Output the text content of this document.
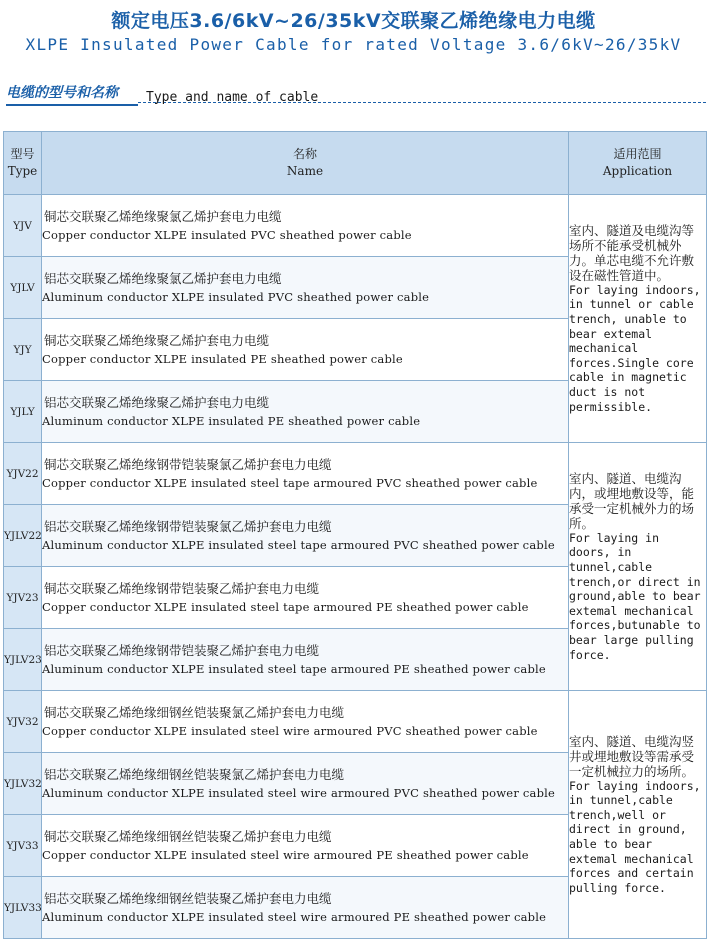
额定电压3.6/6kV~26/35kV交联聚乙烯绝缘电力电缆
XLPE Insulated Power Cable for rated Voltage 3.6/6kV~26/35kV
电缆的型号和名称 Type and name of cable
型号
Type	名称
Name	适用范围
Application
YJV	铜芯交联聚乙烯绝缘聚氯乙烯护套电力电缆
Copper conductor XLPE insulated PVC sheathed power cable	室内、隧道及电缆沟等场所不能承受机械外力。单芯电缆不允许敷设在磁性管道中。
For laying indoors, in tunnel or cable trench, unable to bear extemal mechanical forces.Single core cable in magnetic duct is not permissible.

YJLV	铝芯交联聚乙烯绝缘聚氯乙烯护套电力电缆
Aluminum conductor XLPE insulated PVC sheathed power cable	

YJY	铜芯交联聚乙烯绝缘聚乙烯护套电力电缆
Copper conductor XLPE insulated PE sheathed power cable	

YJLY	铝芯交联聚乙烯绝缘聚乙烯护套电力电缆
Aluminum conductor XLPE insulated PE sheathed power cable	

YJV22	铜芯交联聚乙烯绝缘钢带铠装聚氯乙烯护套电力电缆
Copper conductor XLPE insulated steel tape armoured PVC sheathed power cable	室内、隧道、电缆沟内，或埋地敷设等，能承受一定机械外力的场所。
For laying in doors, in tunnel,cable trench,or direct in ground,able to bear extemal mechanical forces,butunable to bear large pulling force.

YJLV22	铝芯交联聚乙烯绝缘钢带铠装聚氯乙烯护套电力电缆
Aluminum conductor XLPE insulated steel tape armoured PVC sheathed power cable	

YJV23	铜芯交联聚乙烯绝缘钢带铠装聚乙烯护套电力电缆
Copper conductor XLPE insulated steel tape armoured PE sheathed power cable	

YJLV23	铝芯交联聚乙烯绝缘钢带铠装聚乙烯护套电力电缆
Aluminum conductor XLPE insulated steel tape armoured PE sheathed power cable	

YJV32	铜芯交联聚乙烯绝缘细钢丝铠装聚氯乙烯护套电力电缆
Copper conductor XLPE insulated steel wire armoured PVC sheathed power cable	室内、隧道、电缆沟竖井或埋地敷设等需承受一定机械拉力的场所。
For laying indoors, in tunnel,cable trench,well or direct in ground, able to bear extemal mechanical forces and certain pulling force.

YJLV32	铝芯交联聚乙烯绝缘细钢丝铠装聚氯乙烯护套电力电缆
Aluminum conductor XLPE insulated steel wire armoured PVC sheathed power cable	

YJV33	铜芯交联聚乙烯绝缘细钢丝铠装聚乙烯护套电力电缆
Copper conductor XLPE insulated steel wire armoured PE sheathed power cable	

YJLV33	铝芯交联聚乙烯绝缘细钢丝铠装聚乙烯护套电力电缆
Aluminum conductor XLPE insulated steel wire armoured PE sheathed power cable	
